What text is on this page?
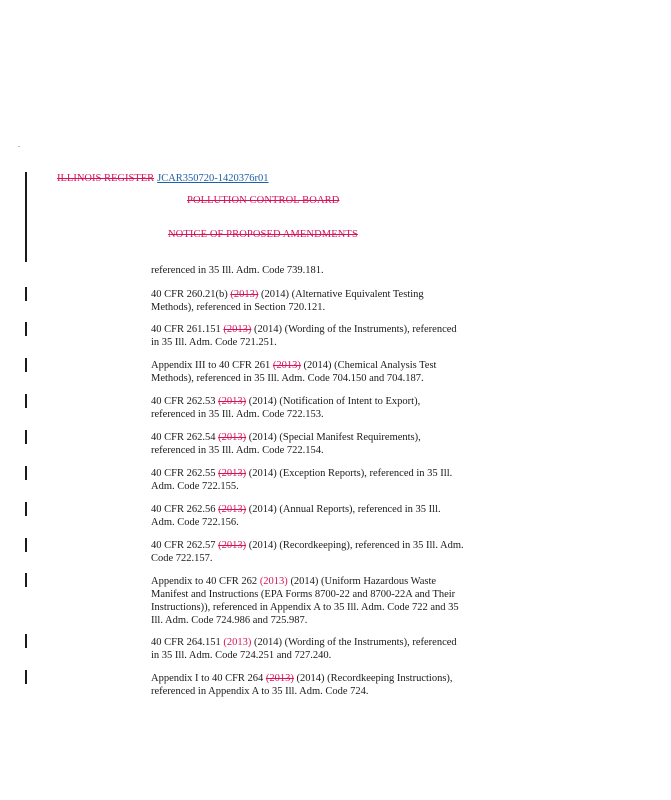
ILLINOIS REGISTER JCAR350720-1420376r01
POLLUTION CONTROL BOARD
NOTICE OF PROPOSED AMENDMENTS
referenced in 35 Ill. Adm. Code 739.181.
40 CFR 260.21(b) (2013) (2014) (Alternative Equivalent Testing
Methods), referenced in Section 720.121.
40 CFR 261.151 (2013) (2014) (Wording of the Instruments), referenced
in 35 Ill. Adm. Code 721.251.
Appendix III to 40 CFR 261 (2013) (2014) (Chemical Analysis Test
Methods), referenced in 35 Ill. Adm. Code 704.150 and 704.187.
40 CFR 262.53 (2013) (2014) (Notification of Intent to Export),
referenced in 35 Ill. Adm. Code 722.153.
40 CFR 262.54 (2013) (2014) (Special Manifest Requirements),
referenced in 35 Ill. Adm. Code 722.154.
40 CFR 262.55 (2013) (2014) (Exception Reports), referenced in 35 Ill.
Adm. Code 722.155.
40 CFR 262.56 (2013) (2014) (Annual Reports), referenced in 35 Ill.
Adm. Code 722.156.
40 CFR 262.57 (2013) (2014) (Recordkeeping), referenced in 35 Ill. Adm.
Code 722.157.
Appendix to 40 CFR 262 (2013) (2014) (Uniform Hazardous Waste
Manifest and Instructions (EPA Forms 8700-22 and 8700-22A and Their
Instructions)), referenced in Appendix A to 35 Ill. Adm. Code 722 and 35
Ill. Adm. Code 724.986 and 725.987.
40 CFR 264.151 (2013) (2014) (Wording of the Instruments), referenced
in 35 Ill. Adm. Code 724.251 and 727.240.
Appendix I to 40 CFR 264 (2013) (2014) (Recordkeeping Instructions),
referenced in Appendix A to 35 Ill. Adm. Code 724.
